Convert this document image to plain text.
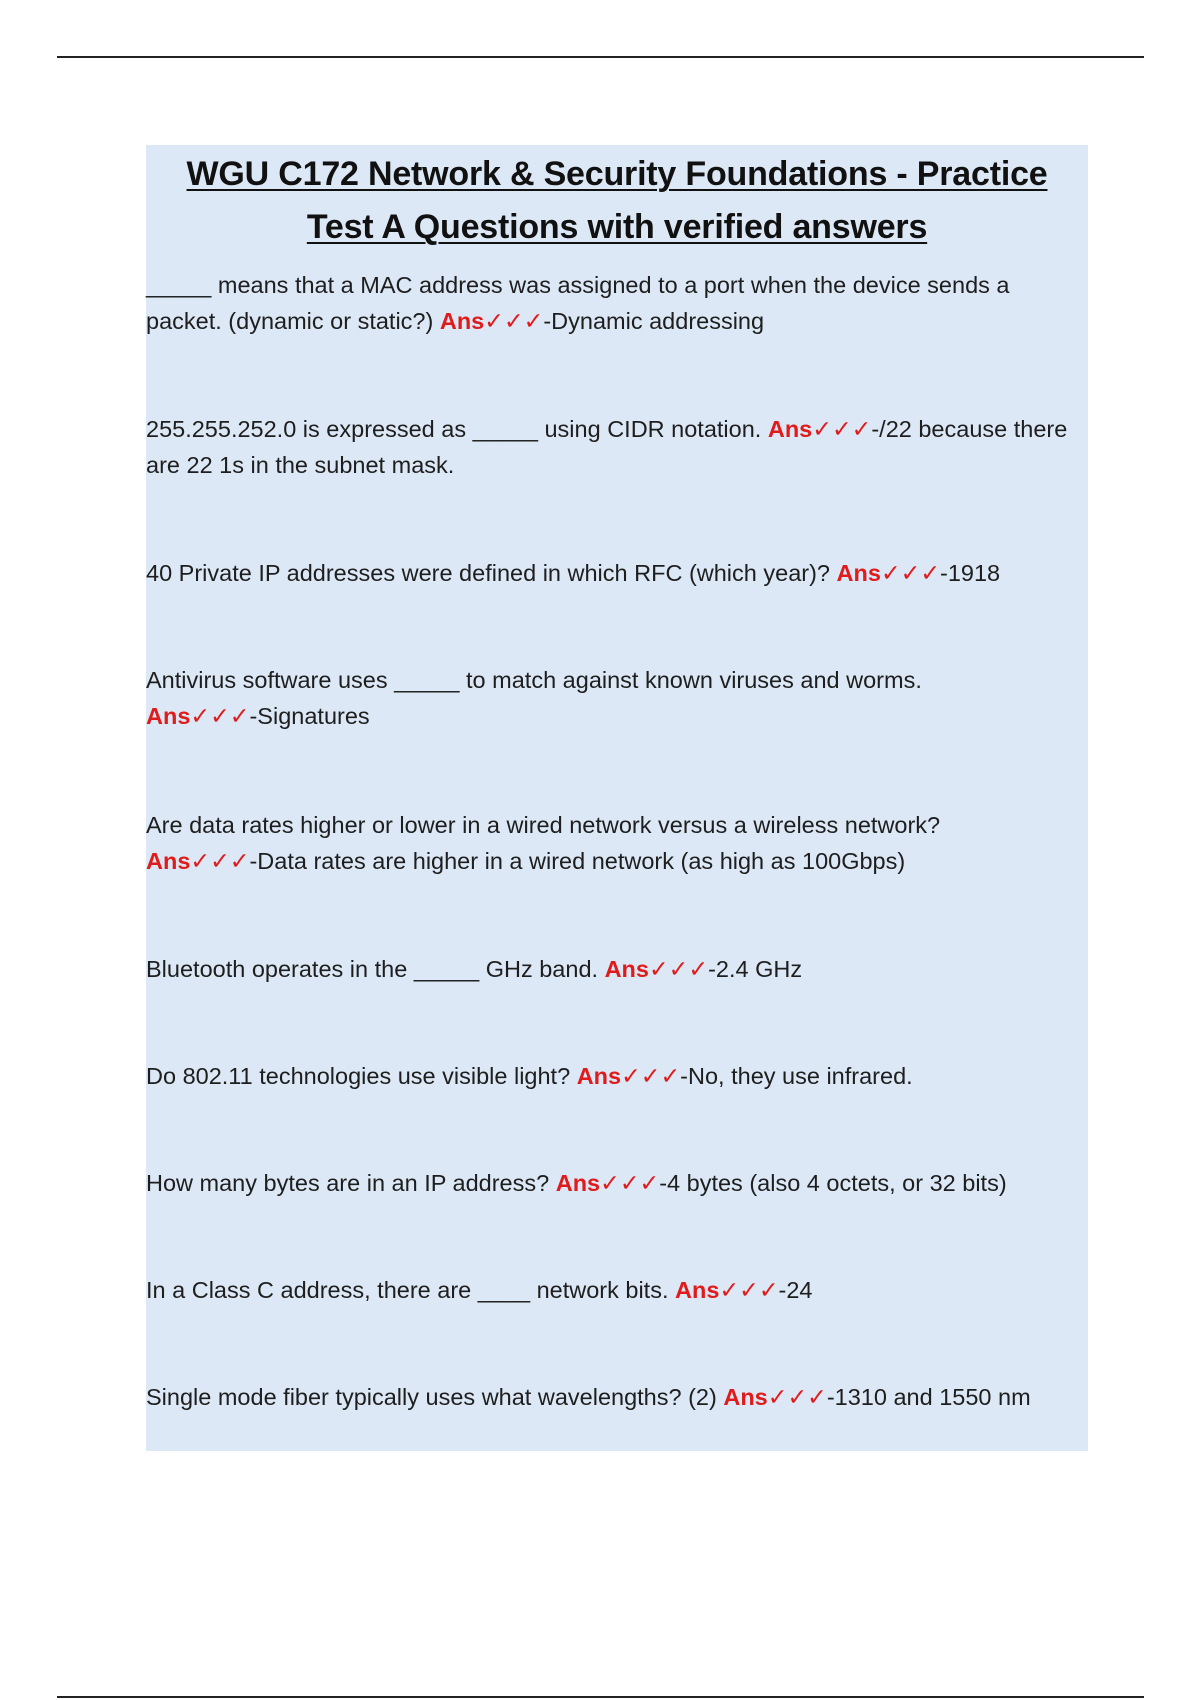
WGU C172 Network & Security Foundations - Practice
Test A Questions with verified answers

_____ means that a MAC address was assigned to a port when the device sends a packet. (dynamic or static?) Ans✓✓✓-Dynamic addressing

255.255.252.0 is expressed as _____ using CIDR notation. Ans✓✓✓-/22 because there are 22 1s in the subnet mask.

40 Private IP addresses were defined in which RFC (which year)? Ans✓✓✓-1918

Antivirus software uses _____ to match against known viruses and worms.
Ans✓✓✓-Signatures

Are data rates higher or lower in a wired network versus a wireless network?
Ans✓✓✓-Data rates are higher in a wired network (as high as 100Gbps)

Bluetooth operates in the _____ GHz band. Ans✓✓✓-2.4 GHz

Do 802.11 technologies use visible light? Ans✓✓✓-No, they use infrared.

How many bytes are in an IP address? Ans✓✓✓-4 bytes (also 4 octets, or 32 bits)

In a Class C address, there are ____ network bits. Ans✓✓✓-24

Single mode fiber typically uses what wavelengths? (2) Ans✓✓✓-1310 and 1550 nm
